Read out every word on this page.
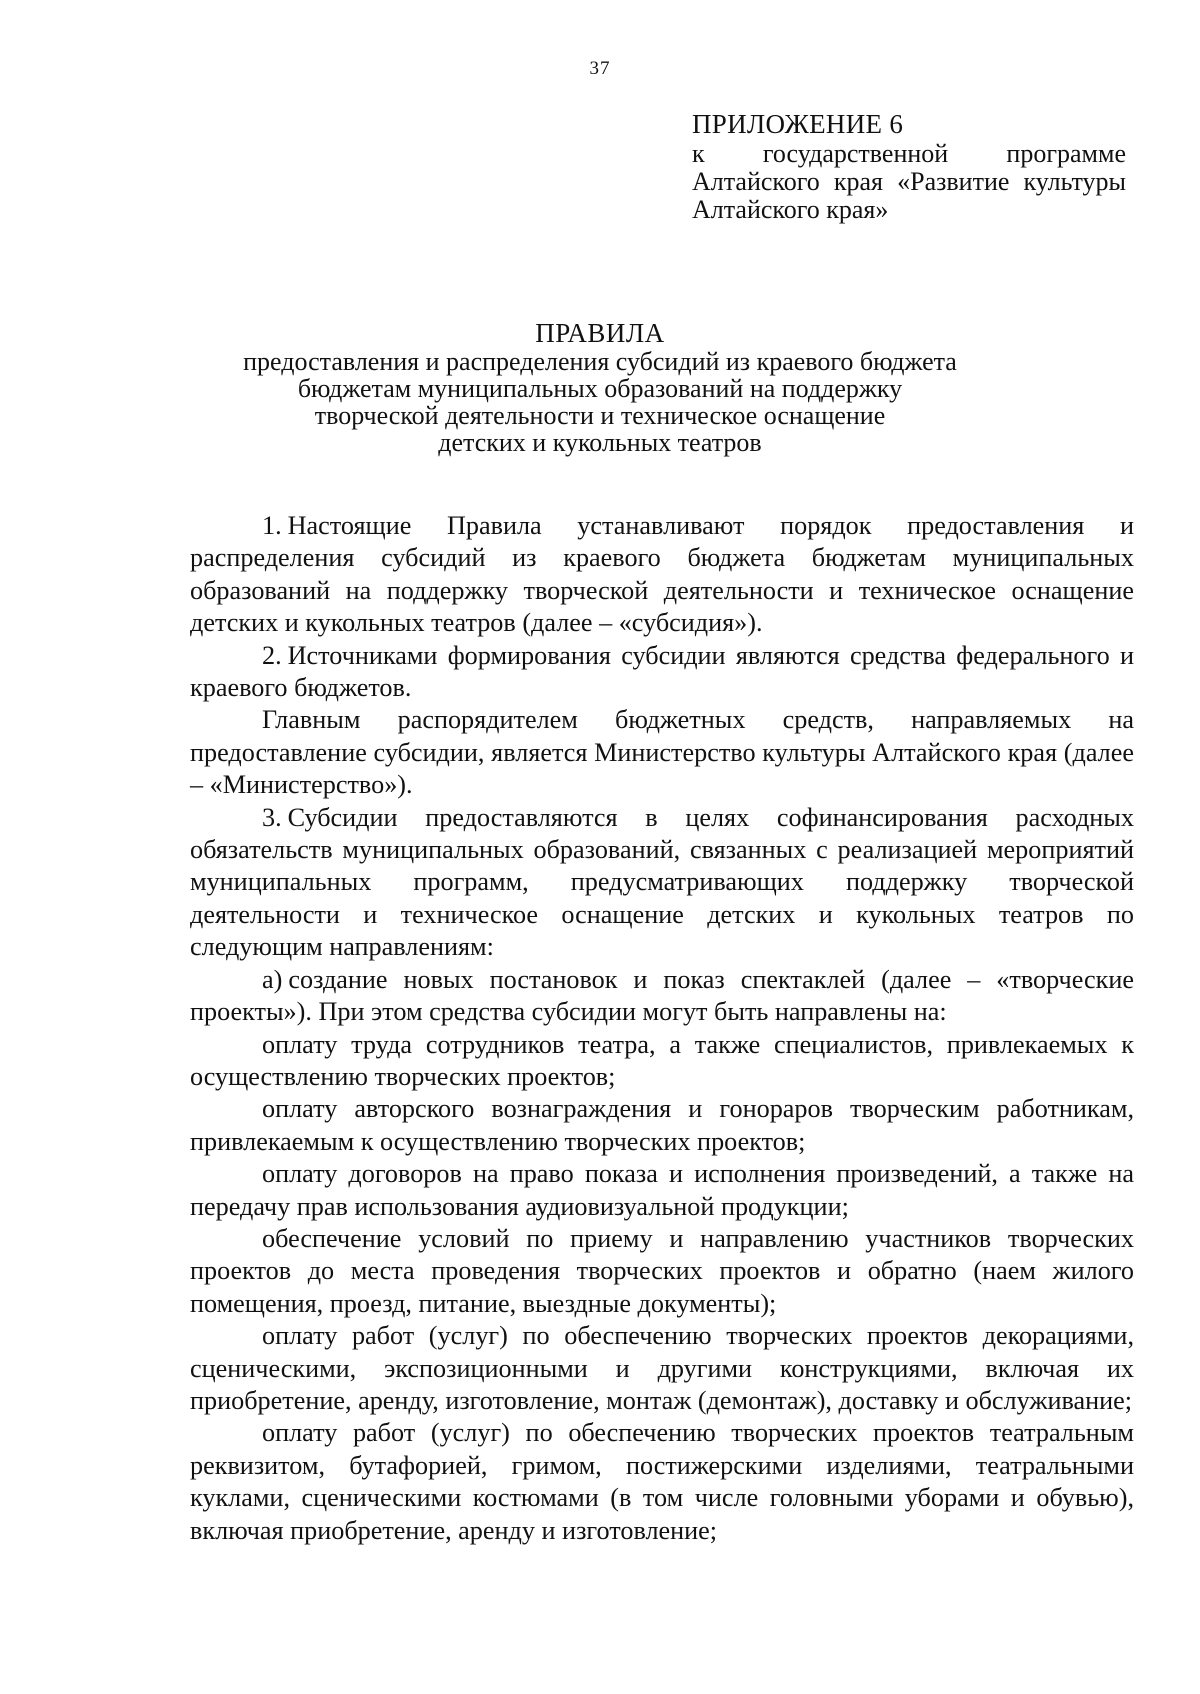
37
ПРИЛОЖЕНИЕ 6
к государственной программе Алтайского края «Развитие культуры Алтайского края»
ПРАВИЛА
предоставления и распределения субсидий из краевого бюджета
бюджетам муниципальных образований на поддержку
творческой деятельности и техническое оснащение
детских и кукольных театров

1. Настоящие Правила устанавливают порядок предоставления и распределения субсидий из краевого бюджета бюджетам муниципальных образований на поддержку творческой деятельности и техническое оснащение детских и кукольных театров (далее – «субсидия»).

2. Источниками формирования субсидии являются средства федерального и краевого бюджетов.

Главным распорядителем бюджетных средств, направляемых на предоставление субсидии, является Министерство культуры Алтайского края (далее – «Министерство»).

3. Субсидии предоставляются в целях софинансирования расходных обязательств муниципальных образований, связанных с реализацией мероприятий муниципальных программ, предусматривающих поддержку творческой деятельности и техническое оснащение детских и кукольных театров по следующим направлениям:

а) создание новых постановок и показ спектаклей (далее – «творческие проекты»). При этом средства субсидии могут быть направлены на:

оплату труда сотрудников театра, а также специалистов, привлекаемых к осуществлению творческих проектов;

оплату авторского вознаграждения и гонораров творческим работникам, привлекаемым к осуществлению творческих проектов;

оплату договоров на право показа и исполнения произведений, а также на передачу прав использования аудиовизуальной продукции;

обеспечение условий по приему и направлению участников творческих проектов до места проведения творческих проектов и обратно (наем жилого помещения, проезд, питание, выездные документы);

оплату работ (услуг) по обеспечению творческих проектов декорациями, сценическими, экспозиционными и другими конструкциями, включая их приобретение, аренду, изготовление, монтаж (демонтаж), доставку и обслуживание;

оплату работ (услуг) по обеспечению творческих проектов театральным реквизитом, бутафорией, гримом, постижерскими изделиями, театральными куклами, сценическими костюмами (в том числе головными уборами и обувью), включая приобретение, аренду и изготовление;
